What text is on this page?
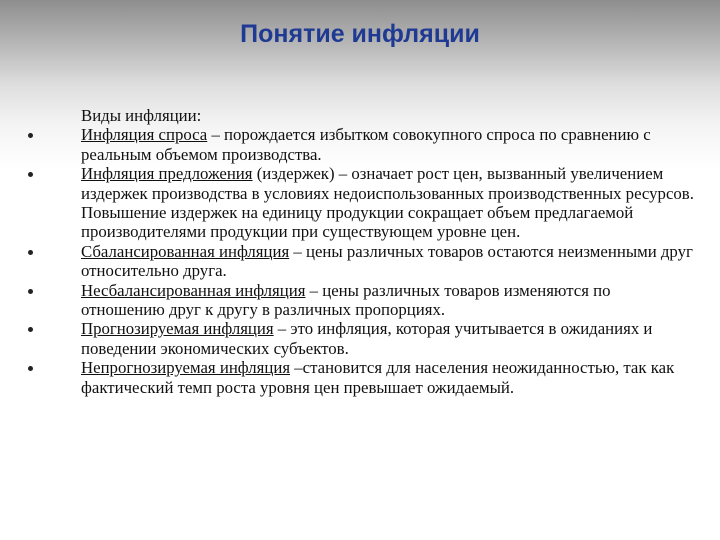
Понятие инфляции
Виды инфляции:
Инфляция спроса – порождается избытком совокупного спроса по сравнению с реальным объемом производства.
Инфляция предложения (издержек) – означает рост цен, вызванный увеличением издержек производства в условиях недоиспользованных производственных ресурсов. Повышение издержек на единицу продукции сокращает объем предлагаемой производителями продукции при существующем уровне цен.
Сбалансированная инфляция – цены различных товаров остаются неизменными друг относительно друга.
Несбалансированная инфляция – цены различных товаров изменяются по отношению друг к другу в различных пропорциях.
Прогнозируемая инфляция – это инфляция, которая учитывается в ожиданиях и поведении экономических субъектов.
Непрогнозируемая инфляция –становится для населения неожиданностью, так как фактический темп роста уровня цен превышает ожидаемый.
